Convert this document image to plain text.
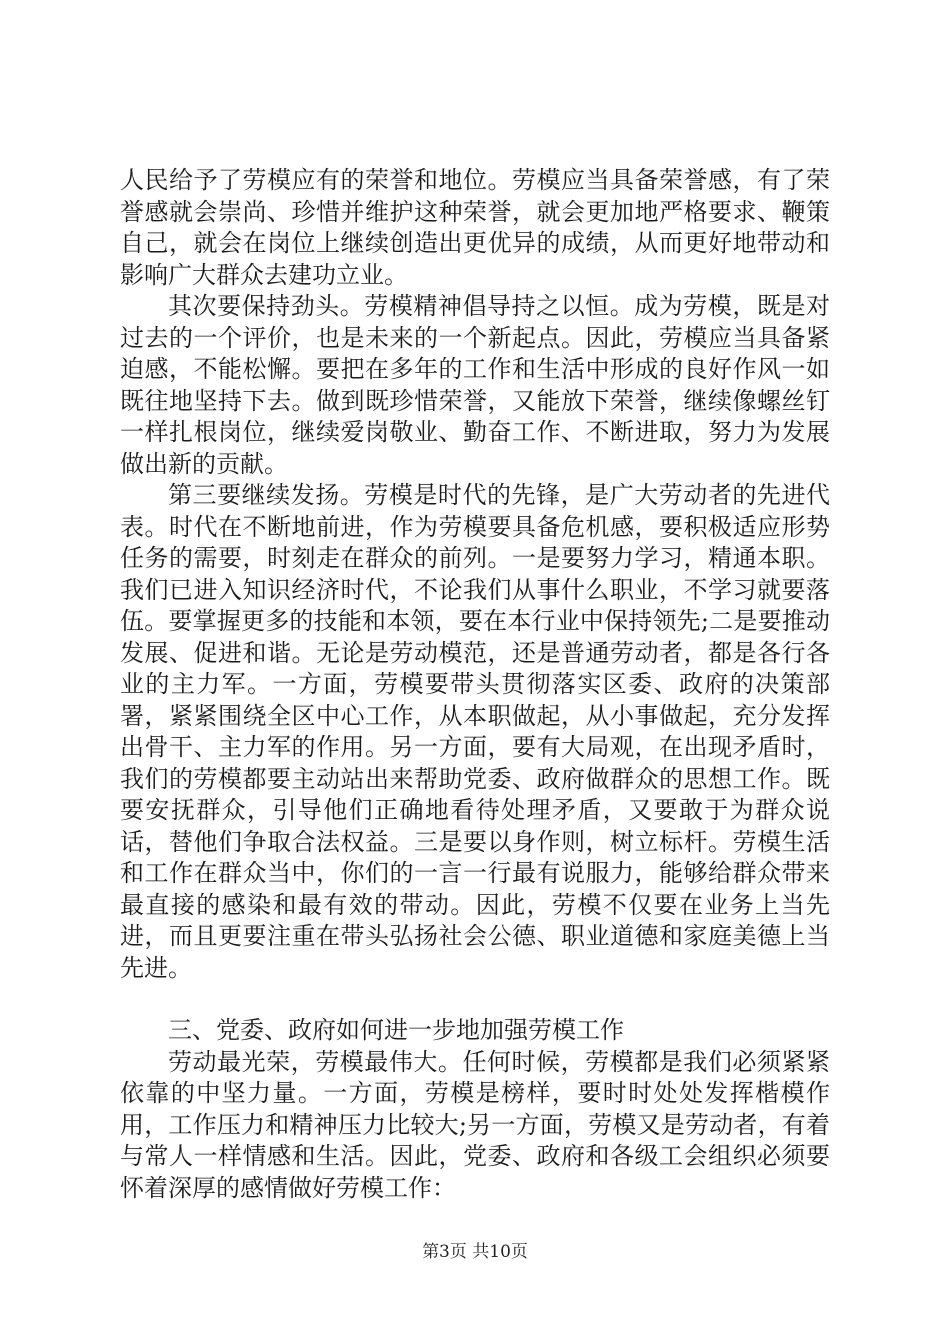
人民给予了劳模应有的荣誉和地位。劳模应当具备荣誉感，有了荣誉感就会崇尚、珍惜并维护这种荣誉，就会更加地严格要求、鞭策自己，就会在岗位上继续创造出更优异的成绩，从而更好地带动和影响广大群众去建功立业。

其次要保持劲头。劳模精神倡导持之以恒。成为劳模，既是对过去的一个评价，也是未来的一个新起点。因此，劳模应当具备紧迫感，不能松懈。要把在多年的工作和生活中形成的良好作风一如既往地坚持下去。做到既珍惜荣誉，又能放下荣誉，继续像螺丝钉一样扎根岗位，继续爱岗敬业、勤奋工作、不断进取，努力为发展做出新的贡献。

第三要继续发扬。劳模是时代的先锋，是广大劳动者的先进代表。时代在不断地前进，作为劳模要具备危机感，要积极适应形势任务的需要，时刻走在群众的前列。一是要努力学习，精通本职。我们已进入知识经济时代，不论我们从事什么职业，不学习就要落伍。要掌握更多的技能和本领，要在本行业中保持领先;二是要推动发展、促进和谐。无论是劳动模范，还是普通劳动者，都是各行各业的主力军。一方面，劳模要带头贯彻落实区委、政府的决策部署，紧紧围绕全区中心工作，从本职做起，从小事做起，充分发挥出骨干、主力军的作用。另一方面，要有大局观，在出现矛盾时，我们的劳模都要主动站出来帮助党委、政府做群众的思想工作。既要安抚群众，引导他们正确地看待处理矛盾，又要敢于为群众说话，替他们争取合法权益。三是要以身作则，树立标杆。劳模生活和工作在群众当中，你们的一言一行最有说服力，能够给群众带来最直接的感染和最有效的带动。因此，劳模不仅要在业务上当先进，而且更要注重在带头弘扬社会公德、职业道德和家庭美德上当先进。

三、党委、政府如何进一步地加强劳模工作

劳动最光荣，劳模最伟大。任何时候，劳模都是我们必须紧紧依靠的中坚力量。一方面，劳模是榜样，要时时处处发挥楷模作用，工作压力和精神压力比较大;另一方面，劳模又是劳动者，有着与常人一样情感和生活。因此，党委、政府和各级工会组织必须要怀着深厚的感情做好劳模工作：

第3页 共10页
